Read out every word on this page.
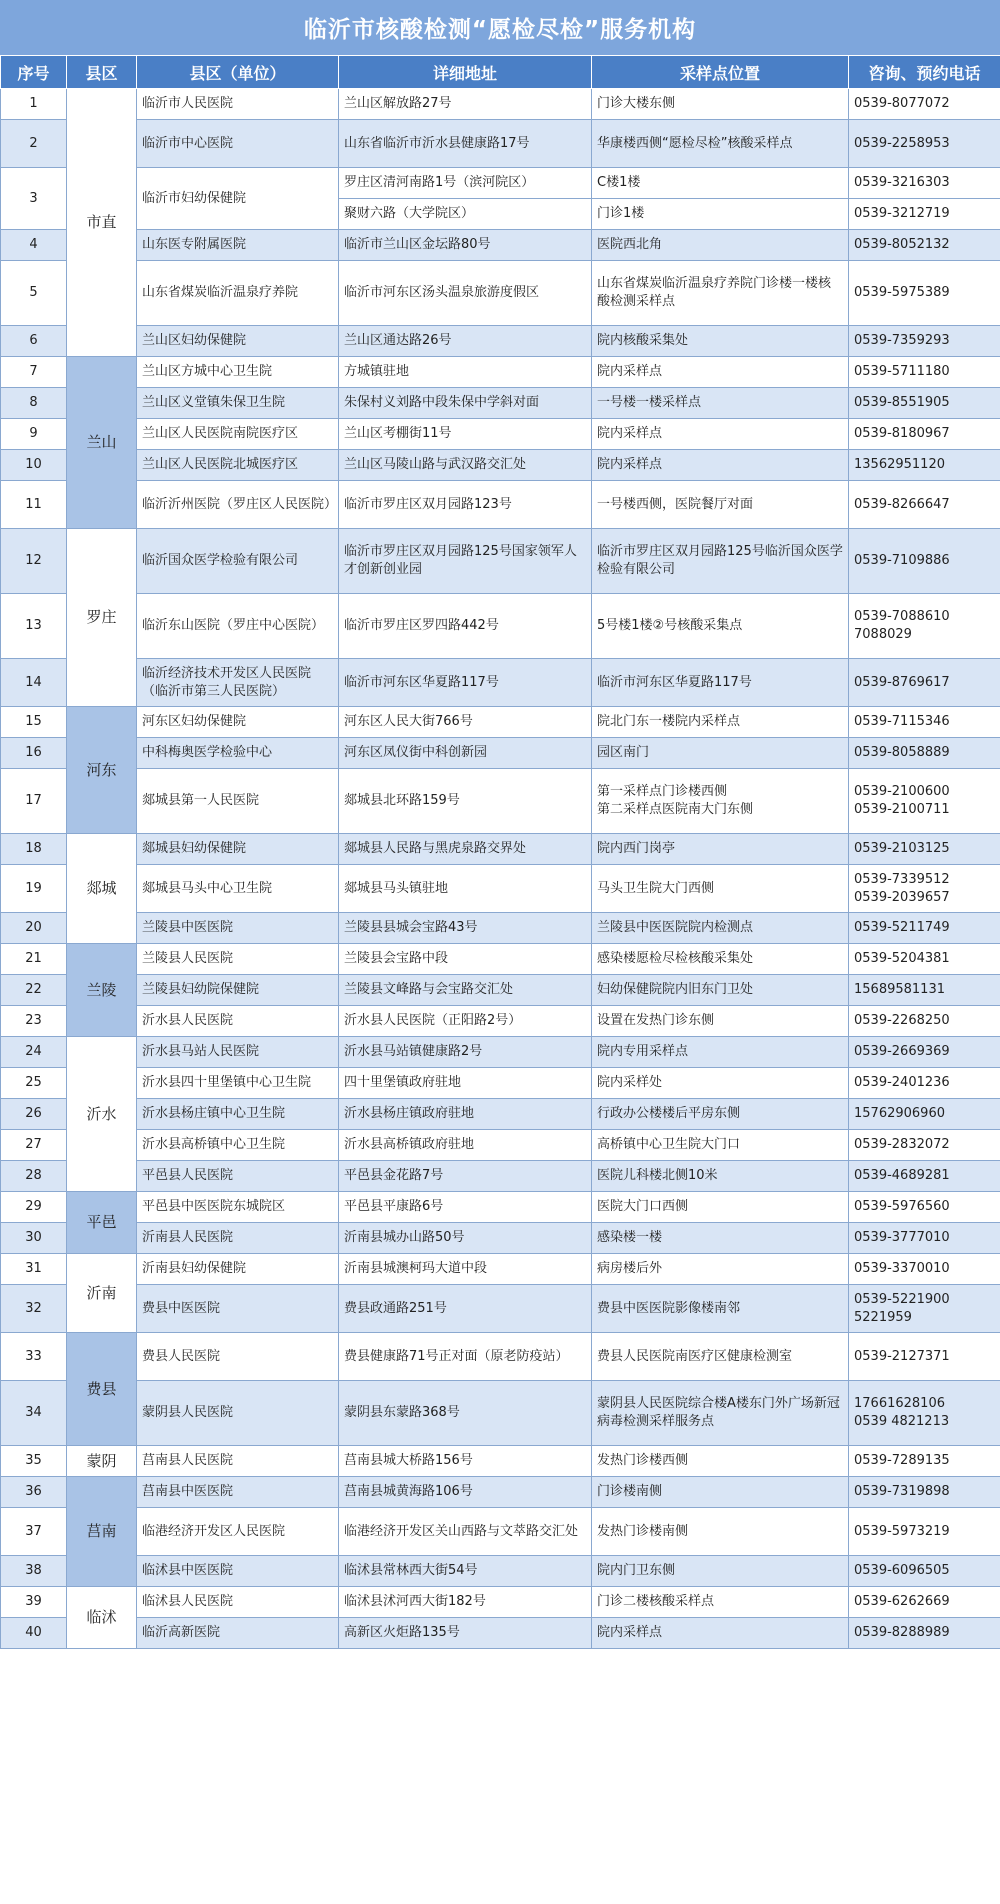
临沂市核酸检测“愿检尽检”服务机构
序号	县区	县区（单位）	详细地址	采样点位置	咨询、预约电话
1	市直	临沂市人民医院	兰山区解放路27号	门诊大楼东侧	0539-8077072
2		临沂市中心医院	山东省临沂市沂水县健康路17号	华康楼西侧“愿检尽检”核酸采样点	0539-2258953
3		临沂市妇幼保健院	罗庄区清河南路1号（滨河院区）	C楼1楼	0539-3216303
			聚财六路（大学院区）	门诊1楼	0539-3212719
4		山东医专附属医院	临沂市兰山区金坛路80号	医院西北角	0539-8052132
5		山东省煤炭临沂温泉疗养院	临沂市河东区汤头温泉旅游度假区	山东省煤炭临沂温泉疗养院门诊楼一楼核酸检测采样点	0539-5975389
6		兰山区妇幼保健院	兰山区通达路26号	院内核酸采集处	0539-7359293
7	兰山	兰山区方城中心卫生院	方城镇驻地	院内采样点	0539-5711180
8		兰山区义堂镇朱保卫生院	朱保村义刘路中段朱保中学斜对面	一号楼一楼采样点	0539-8551905
9		兰山区人民医院南院医疗区	兰山区考棚街11号	院内采样点	0539-8180967
10		兰山区人民医院北城医疗区	兰山区马陵山路与武汉路交汇处	院内采样点	13562951120
11		临沂沂州医院（罗庄区人民医院）	临沂市罗庄区双月园路123号	一号楼西侧，医院餐厅对面	0539-8266647
12	罗庄	临沂国众医学检验有限公司	临沂市罗庄区双月园路125号国家领军人才创新创业园	临沂市罗庄区双月园路125号临沂国众医学检验有限公司	0539-7109886
13		临沂东山医院（罗庄中心医院）	临沂市罗庄区罗四路442号	5号楼1楼②号核酸采集点	0539-7088610
7088029
14		临沂经济技术开发区人民医院（临沂市第三人民医院）	临沂市河东区华夏路117号	临沂市河东区华夏路117号	0539-8769617
15	河东	河东区妇幼保健院	河东区人民大街766号	院北门东一楼院内采样点	0539-7115346
16		中科梅奥医学检验中心	河东区凤仪街中科创新园	园区南门	0539-8058889
17		郯城县第一人民医院	郯城县北环路159号	第一采样点门诊楼西侧
第二采样点医院南大门东侧	0539-2100600
0539-2100711
18	郯城	郯城县妇幼保健院	郯城县人民路与黑虎泉路交界处	院内西门岗亭	0539-2103125
19		郯城县马头中心卫生院	郯城县马头镇驻地	马头卫生院大门西侧	0539-7339512
0539-2039657
20		兰陵县中医医院	兰陵县县城会宝路43号	兰陵县中医医院院内检测点	0539-5211749
21	兰陵	兰陵县人民医院	兰陵县会宝路中段	感染楼愿检尽检核酸采集处	0539-5204381
22		兰陵县妇幼院保健院	兰陵县文峰路与会宝路交汇处	妇幼保健院院内旧东门卫处	15689581131
23		沂水县人民医院	沂水县人民医院（正阳路2号）	设置在发热门诊东侧	0539-2268250
24	沂水	沂水县马站人民医院	沂水县马站镇健康路2号	院内专用采样点	0539-2669369
25		沂水县四十里堡镇中心卫生院	四十里堡镇政府驻地	院内采样处	0539-2401236
26		沂水县杨庄镇中心卫生院	沂水县杨庄镇政府驻地	行政办公楼楼后平房东侧	15762906960
27		沂水县高桥镇中心卫生院	沂水县高桥镇政府驻地	高桥镇中心卫生院大门口	0539-2832072
28		平邑县人民医院	平邑县金花路7号	医院儿科楼北侧10米	0539-4689281
29	平邑	平邑县中医医院东城院区	平邑县平康路6号	医院大门口西侧	0539-5976560
30		沂南县人民医院	沂南县城办山路50号	感染楼一楼	0539-3777010
31	沂南	沂南县妇幼保健院	沂南县城澳柯玛大道中段	病房楼后外	0539-3370010
32		费县中医医院	费县政通路251号	费县中医医院影像楼南邻	0539-5221900
5221959
33	费县	费县人民医院	费县健康路71号正对面（原老防疫站）	费县人民医院南医疗区健康检测室	0539-2127371
34		蒙阴县人民医院	蒙阴县东蒙路368号	蒙阴县人民医院综合楼A楼东门外广场新冠病毒检测采样服务点	17661628106
0539 4821213
35	蒙阴	莒南县人民医院	莒南县城大桥路156号	发热门诊楼西侧	0539-7289135
36	莒南	莒南县中医医院	莒南县城黄海路106号	门诊楼南侧	0539-7319898
37		临港经济开发区人民医院	临港经济开发区关山西路与文萃路交汇处	发热门诊楼南侧	0539-5973219
38		临沭县中医医院	临沭县常林西大街54号	院内门卫东侧	0539-6096505
39	临沭	临沭县人民医院	临沭县沭河西大街182号	门诊二楼核酸采样点	0539-6262669
40		临沂高新医院	高新区火炬路135号	院内采样点	0539-8288989
